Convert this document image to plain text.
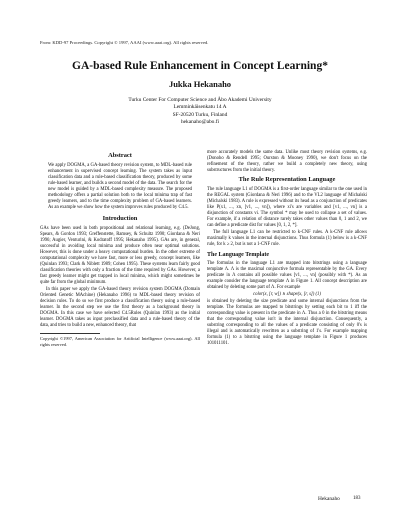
From: KDD-97 Proceedings. Copyright © 1997, AAAI (www.aaai.org). All rights reserved.
GA-based Rule Enhancement in Concept Learning*
Jukka Hekanaho
Turku Center For Computer Science and Åbo Akademi University
Lemminkäisenkatu 14 A
SF-20520 Turku, Finland
hekanaho@abo.fi
Abstract

We apply DOGMA, a GA-based theory revision system, to MDL-based rule enhancement in supervised concept learning. The system takes as input classification data and a rule-based classification theory, produced by some rule-based learner, and builds a second model of the data. The search for the new model is guided by a MDL-based complexity measure. The proposed methodology offers a partial solution both to the local minima trap of fast greedy learners, and to the time complexity problem of GA-based learners. As an example we show how the system improves rules produced by C4.5.

Introduction

GAs have been used in both propositional and relational learning, e.g. (DeJong, Spears, & Gordon 1993; Greffenstette, Ramsey, & Schultz 1990; Giordana & Neri 1996; Augier, Venturini, & Kodratoff 1995; Hekanaho 1995). GAs are, in general, successful in avoiding local minima and produce often near optimal solutions. However, this is done under a heavy computational burden. In the other extreme of computational complexity we have fast, more or less greedy, concept learners, like (Quinlan 1993; Clark & Niblett 1989; Cohen 1995). These systems learn fairly good classification theories with only a fraction of the time required by GAs. However, a fast greedy learner might get trapped in local minima, which might sometimes be quite far from the global minimum.

In this paper we apply the GA-based theory revision system DOGMA (Domain Oriented Genetic MAchine) (Hekanaho 1996) to MDL-based theory revision of decision rules. To do so we first produce a classification theory using a rule-based learner. In the second step we use the first theory as a background theory in DOGMA. In this case we have selected C4.5Rules (Quinlan 1993) as the initial learner. DOGMA takes as input preclassified data and a rule-based theory of the data, and tries to build a new, enhanced theory, that

Copyright ©1997, American Association for Artificial Intelligence (www.aaai.org). All rights reserved.

more accurately models the same data. Unlike most theory revision systems, e.g. (Donoho & Rendell 1995; Ourston & Mooney 1990), we don't focus on the refinement of the theory, rather we build a completely new theory, using substructures from the initial theory.

The Rule Representation Language

The rule language L1 of DOGMA is a first-order language similar to the one used in the REGAL system (Giordana & Neri 1996) and to the VL2 language of Michalski (Michalski 1983). A rule is expressed without its head as a conjunction of predicates like P(x1, ..., xn, [v1, ..., vn]), where xi's are variables and [v1, ..., vn] is a disjunction of constants vi. The symbol * may be used to collapse a set of values. For example, if a relation of distance rarely takes other values than 0, 1 and 2, we can define a predicate dist for values [0, 1, 2, *].

The full language L1 can be restricted to k-CNF rules. A k-CNF rule allows maximally k values in the internal disjunctions. Thus formula (1) below is a k-CNF rule, for k ≥ 2, but is not a 1-CNF rule.

The Language Template

The formulas in the language L1 are mapped into bitstrings using a language template Λ. Λ is the maximal conjunctive formula representable by the GA. Every predicate in Λ contains all possible values [v1, ..., vn] (possibly with *). As an example consider the language template Λ in Figure 1. All concept description are obtained by deleting some part of Λ. For example

color(x, [r, w]) ∧ shape(x, [r, s]) (1)

is obtained by deleting the size predicate and some internal disjunctions from the template. The formulas are mapped to bitstrings by setting each bit to 1 iff the corresponding value is present in the predicate in Λ. Thus a 0 in the bitstring means that the corresponding value isn't in the internal disjunction. Consequently, a substring corresponding to all the values of a predicate consisting of only 0's is illegal and is automatically rewritten as a substring of 1's. For example mapping formula (1) to a bitstring using the language template in Figure 1 produces 101011101.

Hekanaho	183
